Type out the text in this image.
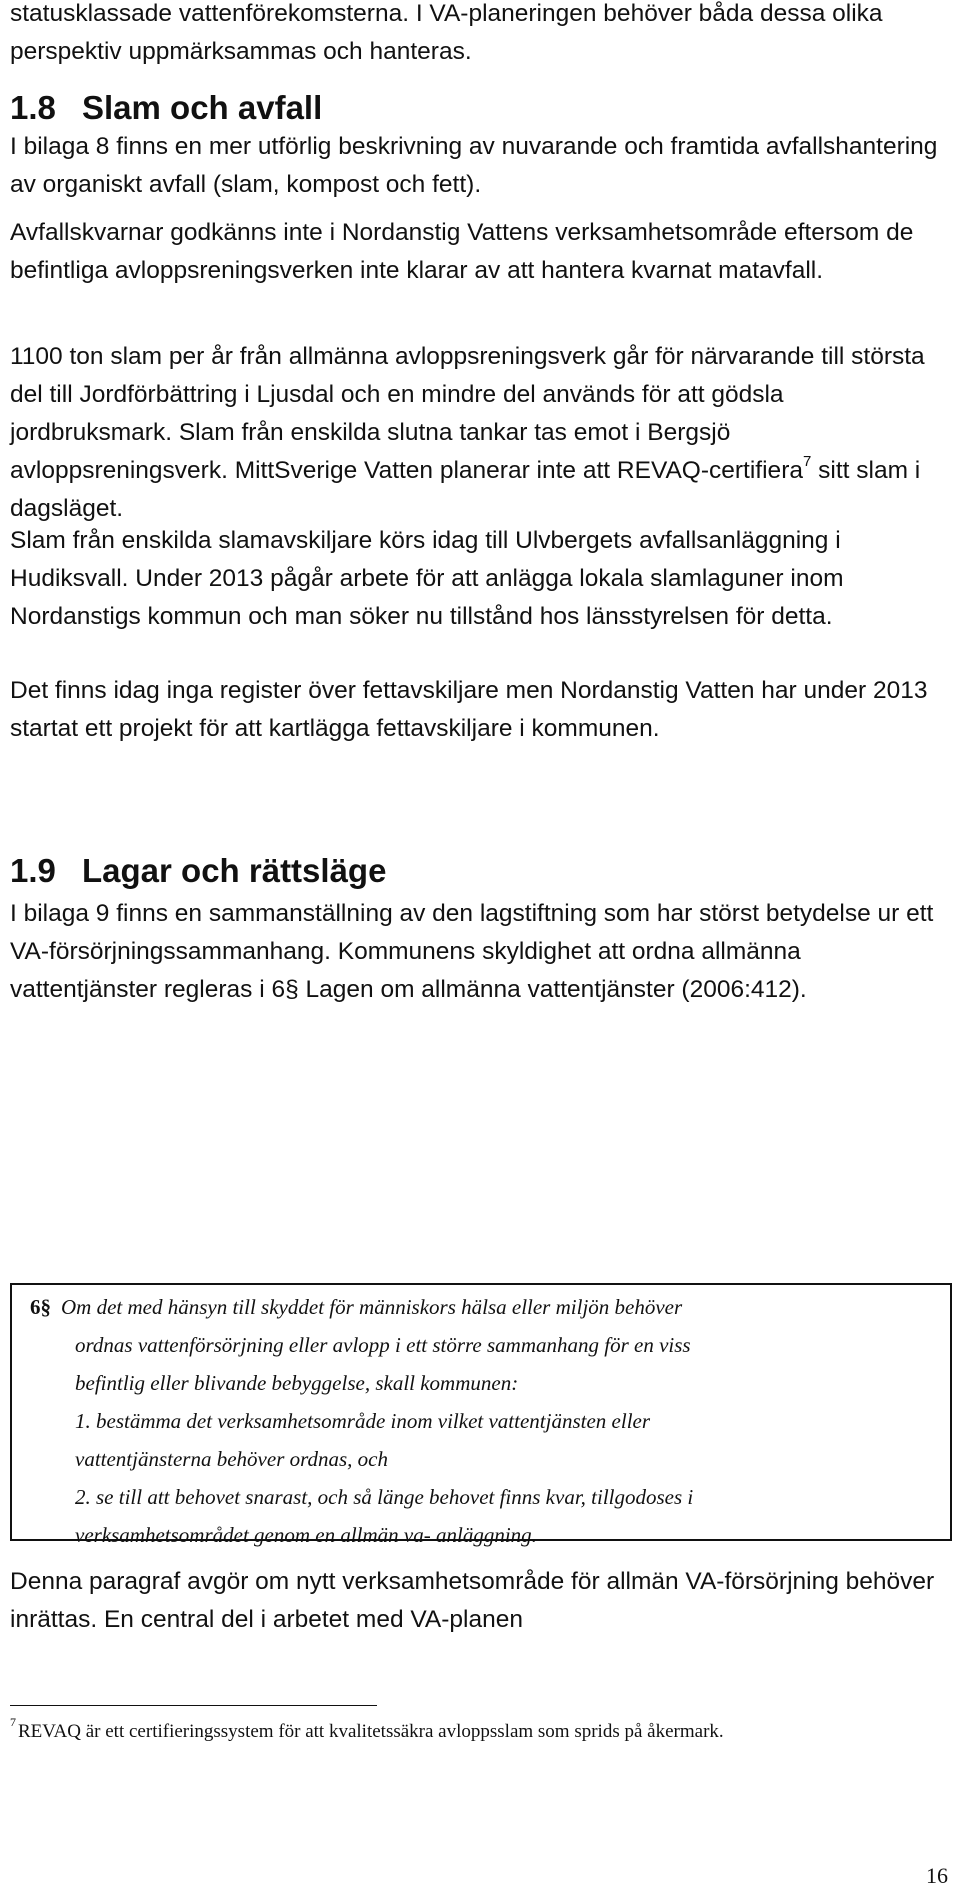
statusklassade vattenförekomsterna. I VA-planeringen behöver båda dessa olika perspektiv uppmärksammas och hanteras.

1.8 Slam och avfall

I bilaga 8 finns en mer utförlig beskrivning av nuvarande och framtida avfallshantering av organiskt avfall (slam, kompost och fett).

Avfallskvarnar godkänns inte i Nordanstig Vattens verksamhetsområde eftersom de befintliga avloppsreningsverken inte klarar av att hantera kvarnat matavfall.

1100 ton slam per år från allmänna avloppsreningsverk går för närvarande till största del till Jordförbättring i Ljusdal och en mindre del används för att gödsla jordbruksmark. Slam från enskilda slutna tankar tas emot i Bergsjö avloppsreningsverk. MittSverige Vatten planerar inte att REVAQ-certifiera$^7$ sitt slam i dagsläget.

Slam från enskilda slamavskiljare körs idag till Ulvbergets avfallsanläggning i Hudiksvall. Under 2013 pågår arbete för att anlägga lokala slamlaguner inom Nordanstigs kommun och man söker nu tillstånd hos länsstyrelsen för detta.

Det finns idag inga register över fettavskiljare men Nordanstig Vatten har under 2013 startat ett projekt för att kartlägga fettavskiljare i kommunen.

1.9 Lagar och rättsläge

I bilaga 9 finns en sammanställning av den lagstiftning som har störst betydelse ur ett VA-försörjningssammanhang. Kommunens skyldighet att ordna allmänna vattentjänster regleras i 6§ Lagen om allmänna vattentjänster (2006:412).

6§ Om det med hänsyn till skyddet för människors hälsa eller miljön behöver

ordnas vattenförsörjning eller avlopp i ett större sammanhang för en viss

befintlig eller blivande bebyggelse, skall kommunen:

1. bestämma det verksamhetsområde inom vilket vattentjänsten eller

vattentjänsterna behöver ordnas, och

2. se till att behovet snarast, och så länge behovet finns kvar, tillgodoses i

verksamhetsområdet genom en allmän va- anläggning.

Denna paragraf avgör om nytt verksamhetsområde för allmän VA-försörjning behöver inrättas. En central del i arbetet med VA-planen

$^7$ REVAQ är ett certifieringssystem för att kvalitetssäkra avloppsslam som sprids på åkermark.

16
